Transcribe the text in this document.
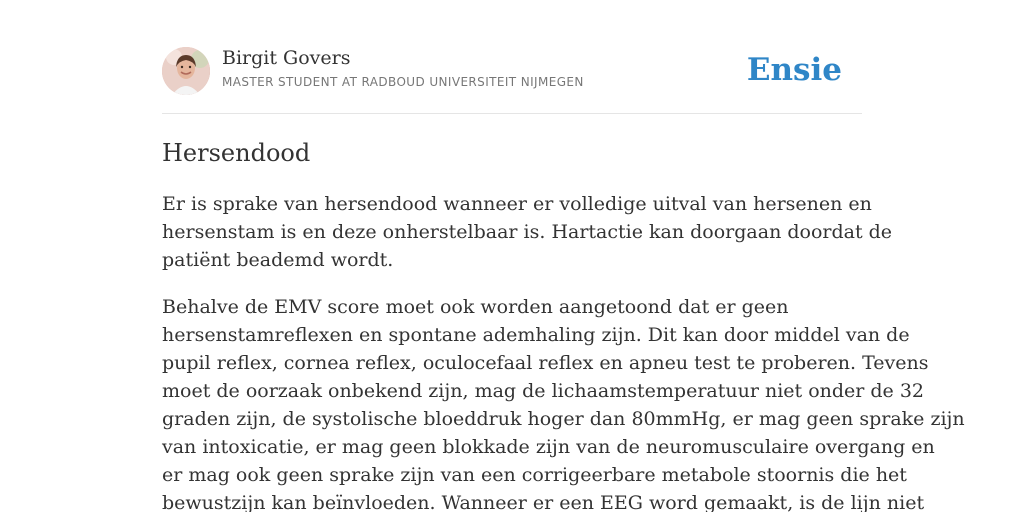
Birgit Govers
MASTER STUDENT AT RADBOUD UNIVERSITEIT NIJMEGEN	Ensie
Hersendood

Er is sprake van hersendood wanneer er volledige uitval van hersenen en
hersenstam is en deze onherstelbaar is. Hartactie kan doorgaan doordat de
patiënt beademd wordt.

Behalve de EMV score moet ook worden aangetoond dat er geen
hersenstamreflexen en spontane ademhaling zijn. Dit kan door middel van de
pupil reflex, cornea reflex, oculocefaal reflex en apneu test te proberen. Tevens
moet de oorzaak onbekend zijn, mag de lichaamstemperatuur niet onder de 32
graden zijn, de systolische bloeddruk hoger dan 80mmHg, er mag geen sprake zijn
van intoxicatie, er mag geen blokkade zijn van de neuromusculaire overgang en
er mag ook geen sprake zijn van een corrigeerbare metabole stoornis die het
bewustzijn kan beïnvloeden. Wanneer er een EEG word gemaakt, is de lijn niet
